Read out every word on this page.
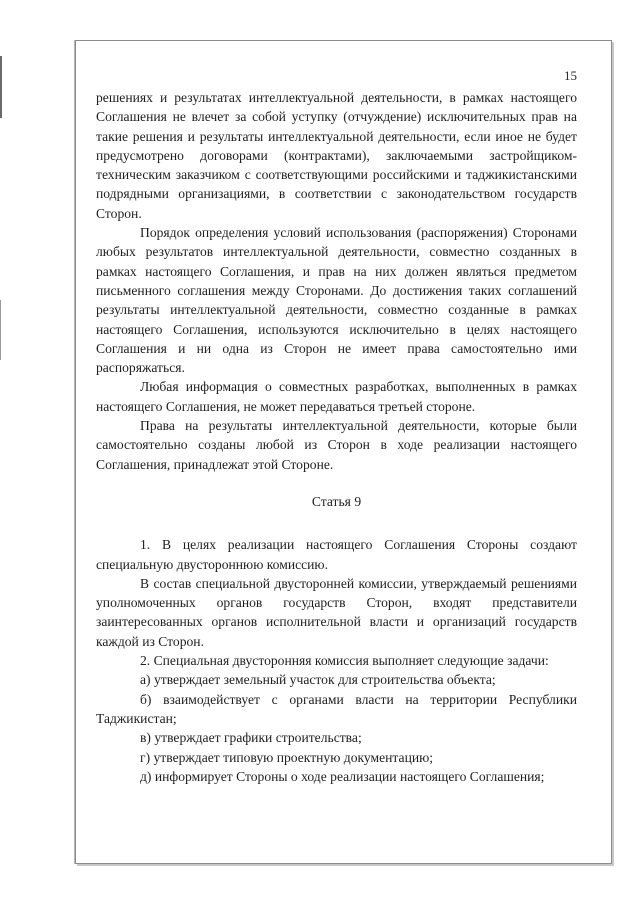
15

решениях и результатах интеллектуальной деятельности, в рамках настоящего Соглашения не влечет за собой уступку (отчуждение) исключительных прав на такие решения и результаты интеллектуальной деятельности, если иное не будет предусмотрено договорами (контрактами), заключаемыми застройщиком-техническим заказчиком с соответствующими российскими и таджикистанскими подрядными организациями, в соответствии с законодательством государств Сторон.

Порядок определения условий использования (распоряжения) Сторонами любых результатов интеллектуальной деятельности, совместно созданных в рамках настоящего Соглашения, и прав на них должен являться предметом письменного соглашения между Сторонами. До достижения таких соглашений результаты интеллектуальной деятельности, совместно созданные в рамках настоящего Соглашения, используются исключительно в целях настоящего Соглашения и ни одна из Сторон не имеет права самостоятельно ими распоряжаться.

Любая информация о совместных разработках, выполненных в рамках настоящего Соглашения, не может передаваться третьей стороне.

Права на результаты интеллектуальной деятельности, которые были самостоятельно созданы любой из Сторон в ходе реализации настоящего Соглашения, принадлежат этой Стороне.

Статья 9

1. В целях реализации настоящего Соглашения Стороны создают специальную двустороннюю комиссию.

В состав специальной двусторонней комиссии, утверждаемый решениями уполномоченных органов государств Сторон, входят представители заинтересованных органов исполнительной власти и организаций государств каждой из Сторон.

2. Специальная двусторонняя комиссия выполняет следующие задачи:

а) утверждает земельный участок для строительства объекта;

б) взаимодействует с органами власти на территории Республики Таджикистан;

в) утверждает графики строительства;

г) утверждает типовую проектную документацию;

д) информирует Стороны о ходе реализации настоящего Соглашения;
